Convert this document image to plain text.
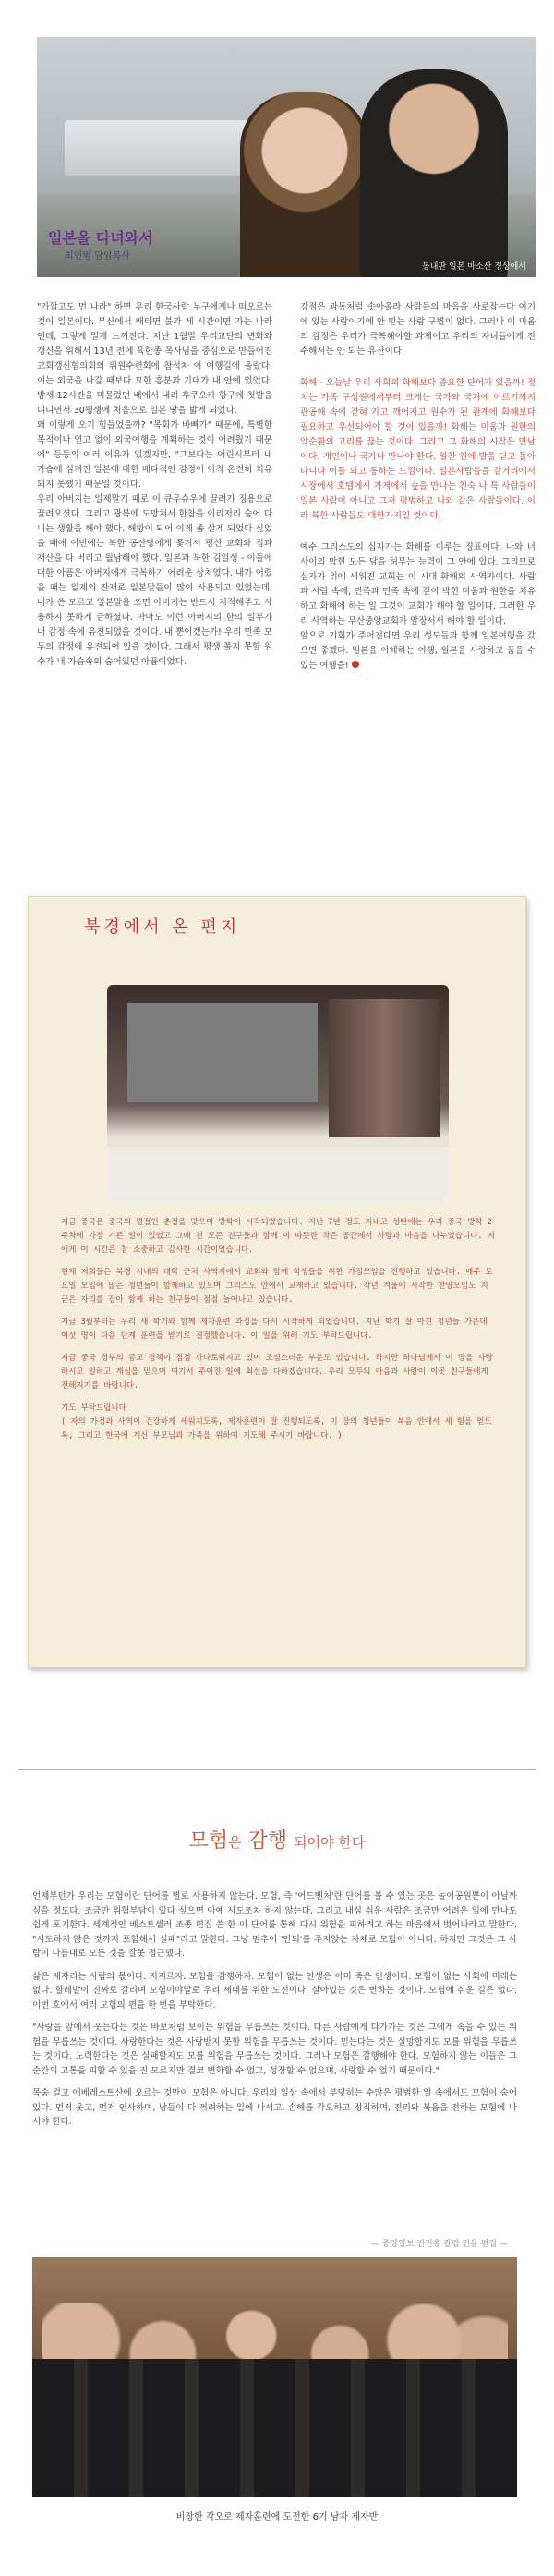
일본을 다녀와서
최연범 담임목사
동내판 일본 마소산 정상에서

"가깝고도 먼 나라" 하면 우리 한국사람 누구에게나 떠오르는 것이 일본이다. 부산에서 배타면 불과 세 시간이면 가는 나라인데, 그렇게 멀게 느껴진다. 지난 1월말 우리교단의 변화와 갱신을 위해서 13년 전에 육한종 목사님을 중심으로 만들어진 교회갱신협의회의 위원수련회에 참석차 이 여행길에 올랐다. 이는 외국을 나갈 때보다 묘한 흥분과 기대가 내 안에 있었다. 밤새 12시간을 미물렀던 배에서 내려 후쿠오카 항구에 첫발을 디디면서 30평생에 처음으로 일본 땅을 밟게 되었다.

왜 이렇게 오기 힘들었을까? "목회가 바빠가" 때문에, 특별한 목적이나 연고 없이 외국여행을 계획하는 것이 어려웠기 때문에" 등등의 여러 이유가 있겠지만, "그보다는 어린시부터 내 가슴에 심겨진 일본에 대한 배타적인 감정이 아직 온전히 치유되지 못했기 때문일 것이다.

우리 아버지는 일제말기 때로 이 큐우슈우에 끌려가 징용으로 끌려오셨다. 그리고 광복에 도망쳐서 한참을 이리저리 숨어 다니는 생활을 해야 했다. 해방이 되어 이제 좀 살게 되었다 싶었을 때에 이번에는 북한 공산당에게 쫓겨서 평신 교회와 집과 재산을 다 버리고 월남해야 했다. 일본과 북한 김일성 - 이들에 대한 아픔은 아버지에게 극복하기 어려운 상처였다. 내가 어렸을 때는 일제의 잔재로 일본말들이 많이 사용되고 있었는데, 내가 쓴 모르고 일본말을 쓰면 아버지는 반드시 지적해주고 사용하지 못하게 금하셨다. 아마도 이런 아버지의 한의 일부가 내 감정 속에 유전되었을 것이다. 내 뿐이겠는가! 우리 민족 모두의 감정에 유전되어 있을 것이다. 그래서 평생 풀지 못할 원수가 내 가슴속의 숨어있던 아픔이었다.

강점은 과동처럼 솟아올라 사람들의 마음을 사로잡는다 여기에 있는 사람이기에 안 믿는 사람 구별이 없다. 그러나 이 미움의 감정은 우리가 극복해야할 과제이고 우리의 자녀들에게 전수해서는 안 되는 유산이다.

화해 - 오늘날 우리 사회의 화해보다 중요한 단어가 있을까! 정치는 가족 구성원에서부터 크게는 국가와 국가에 이르기까지 관공해 속에 갇혀 가고 깨어지고 원수가 된 관계에 화해보다 필요하고 우선되어야 할 것이 있을까! 화해는 미움과 원한의 악순환의 고리를 끊는 것이다. 그리고 그 화해의 시작은 만남이다. 개인이나 국가나 만나야 한다. 일찬 원에 발을 딛고 돌아다니다 이틀 되고 통하는 느낌이다. 일본사람들을 같거리에서 시장에서 호텔에서 가게에서 숲을 만나는 친숙 나 특 사람들이 일본 사람이 아니고 그저 평범하고 나와 같은 사람들이다. 이라 북한 사람들도 대한가지일 것이다.

예수 그리스도의 십자가는 화해를 이루는 징표이다. 나와 너 사이의 막힌 모든 담을 허무는 능력이 그 안에 있다. 그리므로 십자가 위에 세워진 교회는 이 시대 화해의 사역자이다. 사람과 사람 속에, 민족과 민족 속에 깊이 박힌 미움과 원한을 치유하고 화해에 하는 일 그것이 교회가 해야 할 일이다. 그러한 우리 사역하는 무산중앙교회가 앞장서서 해야 할 일이다.

앞으로 기회가 주어진다면 우리 성도들과 함께 일본여행을 갔으면 좋겠다. 일본을 이해하는 여행, 일본을 사랑하고 품을 수 있는 여행을!

북경에서 온 편지

지금 중국은 중국의 명절인 춘절을 맞으며 방학이 시작되었습니다. 지난 7년 정도 지내고 성탄에는 우리 중국 방학 2주차에 가장 기쁜 일이 있었고 그때 전 모든 친구들과 함께 이 따뜻한 작은 공간에서 사랑과 마음을 나누었습니다. 저에게 이 시간은 참 소중하고 감사한 시간이었습니다.

현재 저희들은 북경 시내의 대학 근처 사역지에서 교회와 함께 학생들을 위한 가정모임을 진행하고 있습니다. 매주 토요일 모임에 많은 청년들이 함께하고 있으며 그리스도 안에서 교제하고 있습니다. 작년 겨울에 시작한 찬양모임도 지금은 자리를 잡아 함께 하는 친구들이 점점 늘어나고 있습니다.

지금 3월부터는 우리 새 학기와 함께 제자훈련 과정을 다시 시작하게 되었습니다. 지난 학기 잘 마친 청년들 가운데 여섯 명이 다음 단계 훈련을 받기로 결정했습니다. 이 일을 위해 기도 부탁드립니다.

지금 중국 정부의 종교 정책이 점점 까다로워지고 있어 조심스러운 부분도 있습니다. 하지만 하나님께서 이 땅을 사랑하시고 일하고 계심을 믿으며 여기서 주어진 일에 최선을 다하겠습니다. 우리 모두의 마음과 사랑이 이곳 친구들에게 전해지기를 바랍니다.

기도 부탁드립니다
( 저의 가정과 사역이 건강하게 세워지도록, 제자훈련이 잘 진행되도록, 이 땅의 청년들이 복음 안에서 새 힘을 얻도록, 그리고 한국에 계신 부모님과 가족을 위하여 기도해 주시기 바랍니다. )

모험은 감행 되어야 한다

언제부턴가 우리는 모험이란 단어를 별로 사용하지 않는다. 모험, 즉 '어드벤처'란 단어를 볼 수 있는 곳은 놀이공원뿐이 아닐까 싶을 정도다. 조금만 위험부담이 있다 싶으면 아예 시도조차 하지 않는다. 그리고 내심 쉬운 사람은 조금만 어려운 일에 만나도 쉽게 포기한다. 세계적인 베스트셀러 조종 편집 쓴 한 이 단어를 통해 다시 위험을 피하려고 하는 마음에서 벗어나라고 말한다. "시도하지 않은 것까지 포함해서 실패"라고 말한다. 그냥 멈추어 '안되'를 주저앉는 자체로 모험이 아니다. 하지만 그것은 그 사람이 나름대로 모든 것을 잘못 접근했다.

삶은 제자리는 사람의 몫이다. 저지르자. 모험을 감행하자. 모험이 없는 인생은 이미 죽은 인생이다. 모험이 없는 사회에 미래는 없다. 할레발이 진짜로 갈리며 모험이야말로 우리 세대를 위한 도전이다. 살아있는 것은 변하는 것이다. 모험에 쉬운 길은 없다. 이번 호에서 여러 모험의 편을 한 번을 부탁한다.

"사랑을 앞에서 웃는다는 것은 바보처럼 보이는 위험을 무릅쓰는 것이다. 다른 사람에게 다가가는 것은 그에게 속을 수 있는 위험을 무릅쓰는 것이다. 사랑한다는 것은 사랑받지 못할 위험을 무릅쓰는 것이다. 믿는다는 것은 실망할지도 모를 위험을 무릅쓰는 것이다. 노력한다는 것은 실패할지도 모를 위험을 무릅쓰는 것이다. 그러나 모험은 감행해야 한다. 모험하지 않는 이들은 그 순간의 고통을 피할 수 있을 진 모르지만 결코 변화할 수 없고, 성장할 수 없으며, 사랑할 수 없기 때문이다."

목숨 걸고 에베레스트산에 오르는 것만이 모험은 아니다. 우리의 일상 속에서 부딪히는 수많은 평범한 일 속에서도 모험이 숨어 있다. 먼저 웃고, 먼저 인사하며, 남들이 다 꺼려하는 일에 나서고, 손해를 각오하고 정직하며, 진리와 복음을 전하는 모험에 나서야 한다.

— 중앙일보 전진홍 칼럼 인용 편집 —
비장한 각오로 제자훈련에 도전한 6기 남자 제자반
